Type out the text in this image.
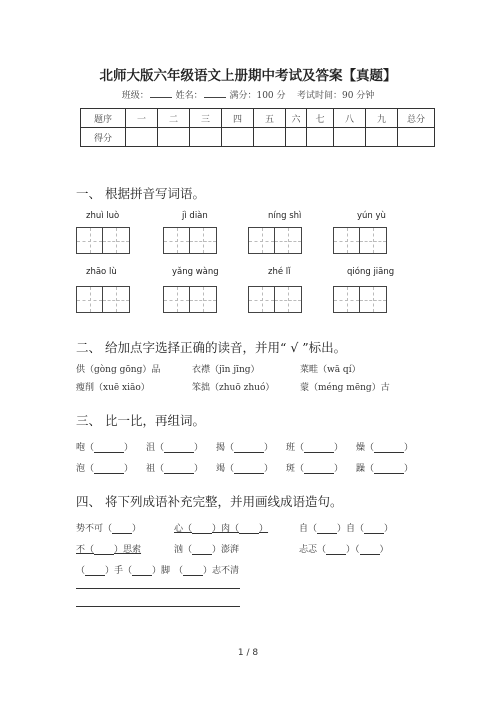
北师大版六年级语文上册期中考试及答案【真题】
班级：	姓名：	满分：100 分 考试时间：90 分钟
题序	一	二	三	四	五	六	七	八	九	总分
得分										
一、 根据拼音写词语。
zhuì luò	jì diàn	níng shì	yún yù
zhāo lù	yǎng wàng	zhé lǐ	qióng jiāng
二、 给加点字选择正确的读音，并用“ √ ”标出。
供（gòng gōng）品	衣襟（jīn jīng）	菜畦（wā qí）
瘦削（xuē xiāo）	笨拙（zhuō zhuó）	蒙（méng mēng）古
三、 比一比，再组词。
咆（	） 沮（	） 揭（	） 班（	） 燥（	）
泡（	） 祖（	） 竭（	） 斑（	） 躁（	）
四、 将下列成语补充完整，并用画线成语造句。
势不可（ ）	心（ ）肉（ ）	自（ ）自（ ）
不（ ）思索	汹（ ）澎湃	忐忑（ ）（ ）
（ ）手（ ）脚 （ ）志不清
1 / 8
